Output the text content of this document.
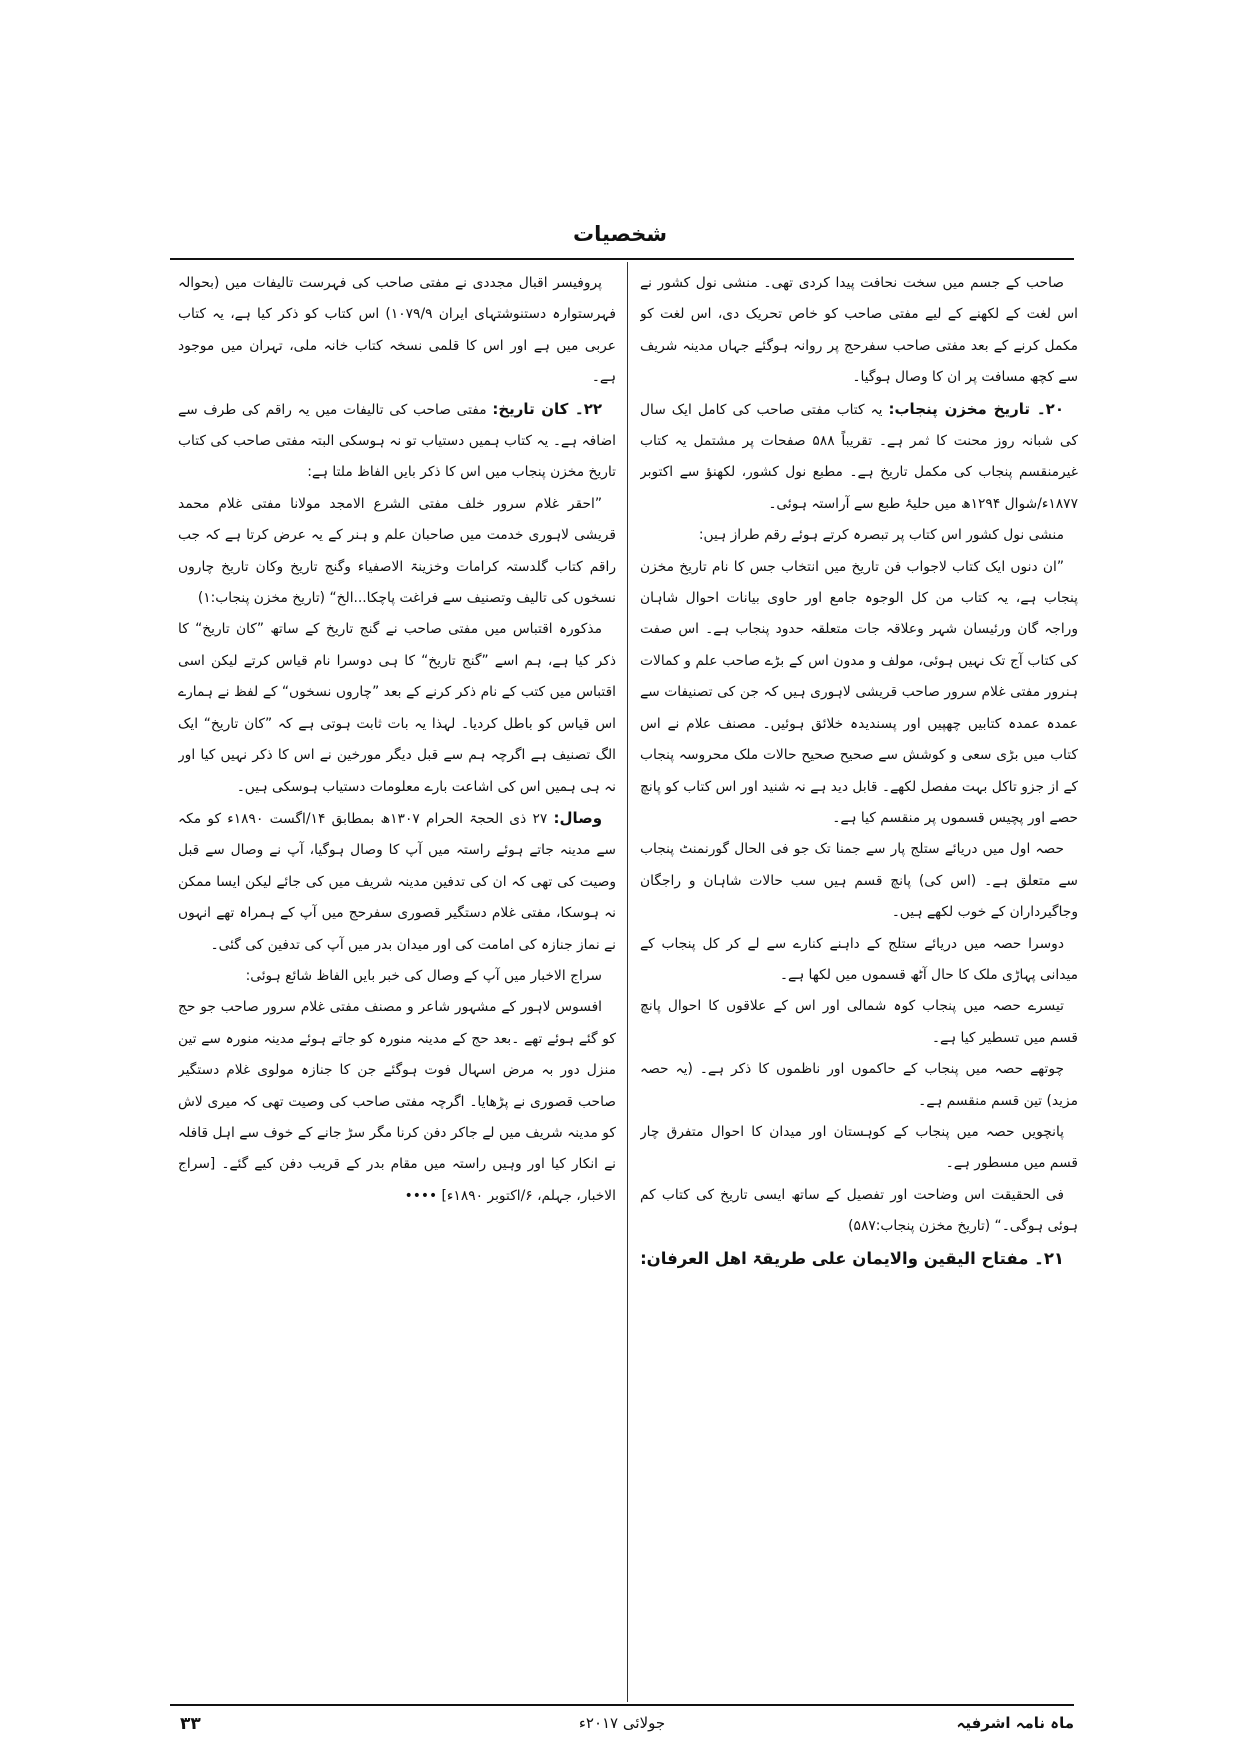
شخصیات

صاحب کے جسم میں سخت نحافت پیدا کردی تھی۔ منشی نول کشور نے اس لغت کے لکھنے کے لیے مفتی صاحب کو خاص تحریک دی، اس لغت کو مکمل کرنے کے بعد مفتی صاحب سفرحج پر روانہ ہوگئے جہاں مدینہ شریف سے کچھ مسافت پر ان کا وصال ہوگیا۔

۲۰۔ تاریخ مخزن پنجاب: یہ کتاب مفتی صاحب کی کامل ایک سال کی شبانہ روز محنت کا ثمر ہے۔ تقریباً ۵۸۸ صفحات پر مشتمل یہ کتاب غیرمنقسم پنجاب کی مکمل تاریخ ہے۔ مطبع نول کشور، لکھنؤ سے اکتوبر ۱۸۷۷ء/شوال ۱۲۹۴ھ میں حلیۂ طبع سے آراستہ ہوئی۔

منشی نول کشور اس کتاب پر تبصرہ کرتے ہوئے رقم طراز ہیں:

”ان دنوں ایک کتاب لاجواب فن تاریخ میں انتخاب جس کا نام تاریخ مخزن پنجاب ہے، یہ کتاب من کل الوجوہ جامع اور حاوی بیانات احوال شاہان وراجہ گان ورئیسان شہر وعلاقہ جات متعلقہ حدود پنجاب ہے۔ اس صفت کی کتاب آج تک نہیں ہوئی، مولف و مدون اس کے بڑے صاحب علم و کمالات ہنرور مفتی غلام سرور صاحب قریشی لاہوری ہیں کہ جن کی تصنیفات سے عمدہ عمدہ کتابیں چھپیں اور پسندیدہ خلائق ہوئیں۔ مصنف علام نے اس کتاب میں بڑی سعی و کوشش سے صحیح صحیح حالات ملک محروسہ پنجاب کے از جزو تاکل بہت مفصل لکھے۔ قابل دید ہے نہ شنید اور اس کتاب کو پانچ حصے اور پچیس قسموں پر منقسم کیا ہے۔

حصہ اول میں دریائے ستلج پار سے جمنا تک جو فی الحال گورنمنٹ پنجاب سے متعلق ہے۔ (اس کی) پانچ قسم ہیں سب حالات شاہان و راجگان وجاگیرداران کے خوب لکھے ہیں۔

دوسرا حصہ میں دریائے ستلج کے داہنے کنارے سے لے کر کل پنجاب کے میدانی پہاڑی ملک کا حال آٹھ قسموں میں لکھا ہے۔

تیسرے حصہ میں پنجاب کوہ شمالی اور اس کے علاقوں کا احوال پانچ قسم میں تسطیر کیا ہے۔

چوتھے حصہ میں پنجاب کے حاکموں اور ناظموں کا ذکر ہے۔ (یہ حصہ مزید) تین قسم منقسم ہے۔

پانچویں حصہ میں پنجاب کے کوہستان اور میدان کا احوال متفرق چار قسم میں مسطور ہے۔

فی الحقیقت اس وضاحت اور تفصیل کے ساتھ ایسی تاریخ کی کتاب کم ہوئی ہوگی۔“ (تاریخ مخزن پنجاب:۵۸۷)

۲۱۔ مفتاح الیقین والایمان علی طریقۃ اھل العرفان:

پروفیسر اقبال مجددی نے مفتی صاحب کی فہرست تالیفات میں (بحوالہ فہرستوارہ دستنوشتہای ایران ۱۰۷۹/۹) اس کتاب کو ذکر کیا ہے، یہ کتاب عربی میں ہے اور اس کا قلمی نسخہ کتاب خانہ ملی، تہران میں موجود ہے۔

۲۲۔ کان تاریخ: مفتی صاحب کی تالیفات میں یہ راقم کی طرف سے اضافہ ہے۔ یہ کتاب ہمیں دستیاب تو نہ ہوسکی البتہ مفتی صاحب کی کتاب تاریخ مخزن پنجاب میں اس کا ذکر بایں الفاظ ملتا ہے:

”احقر غلام سرور خلف مفتی الشرع الامجد مولانا مفتی غلام محمد قریشی لاہوری خدمت میں صاحبان علم و ہنر کے یہ عرض کرتا ہے کہ جب راقم کتاب گلدستہ کرامات وخزینۃ الاصفیاء وگنج تاریخ وکان تاریخ چاروں نسخوں کی تالیف وتصنیف سے فراغت پاچکا...الخ“ (تاریخ مخزن پنجاب:۱)

مذکورہ اقتباس میں مفتی صاحب نے گنج تاریخ کے ساتھ ”کان تاریخ“ کا ذکر کیا ہے، ہم اسے ”گنج تاریخ“ کا ہی دوسرا نام قیاس کرتے لیکن اسی اقتباس میں کتب کے نام ذکر کرنے کے بعد ”چاروں نسخوں“ کے لفظ نے ہمارے اس قیاس کو باطل کردیا۔ لہذا یہ بات ثابت ہوتی ہے کہ ”کان تاریخ“ ایک الگ تصنیف ہے اگرچہ ہم سے قبل دیگر مورخین نے اس کا ذکر نہیں کیا اور نہ ہی ہمیں اس کی اشاعت بارے معلومات دستیاب ہوسکی ہیں۔

وصال: ۲۷ ذی الحجۃ الحرام ۱۳۰۷ھ بمطابق ۱۴/اگست ۱۸۹۰ء کو مکہ سے مدینہ جاتے ہوئے راستہ میں آپ کا وصال ہوگیا، آپ نے وصال سے قبل وصیت کی تھی کہ ان کی تدفین مدینہ شریف میں کی جائے لیکن ایسا ممکن نہ ہوسکا، مفتی غلام دستگیر قصوری سفرحج میں آپ کے ہمراہ تھے انہوں نے نماز جنازہ کی امامت کی اور میدان بدر میں آپ کی تدفین کی گئی۔

سراج الاخبار میں آپ کے وصال کی خبر بایں الفاظ شائع ہوئی:

افسوس لاہور کے مشہور شاعر و مصنف مفتی غلام سرور صاحب جو حج کو گئے ہوئے تھے ۔بعد حج کے مدینہ منورہ کو جاتے ہوئے مدینہ منورہ سے تین منزل دور بہ مرض اسہال فوت ہوگئے جن کا جنازہ مولوی غلام دستگیر صاحب قصوری نے پڑھایا۔ اگرچہ مفتی صاحب کی وصیت تھی کہ میری لاش کو مدینہ شریف میں لے جاکر دفن کرنا مگر سڑ جانے کے خوف سے اہل قافلہ نے انکار کیا اور وہیں راستہ میں مقام بدر کے قریب دفن کیے گئے۔ [سراج الاخبار، جہلم، ۶/اکتوبر ۱۸۹۰ء] ••••

ماہ نامہ اشرفیہ
جولائی ۲۰۱۷ء
۳۳
